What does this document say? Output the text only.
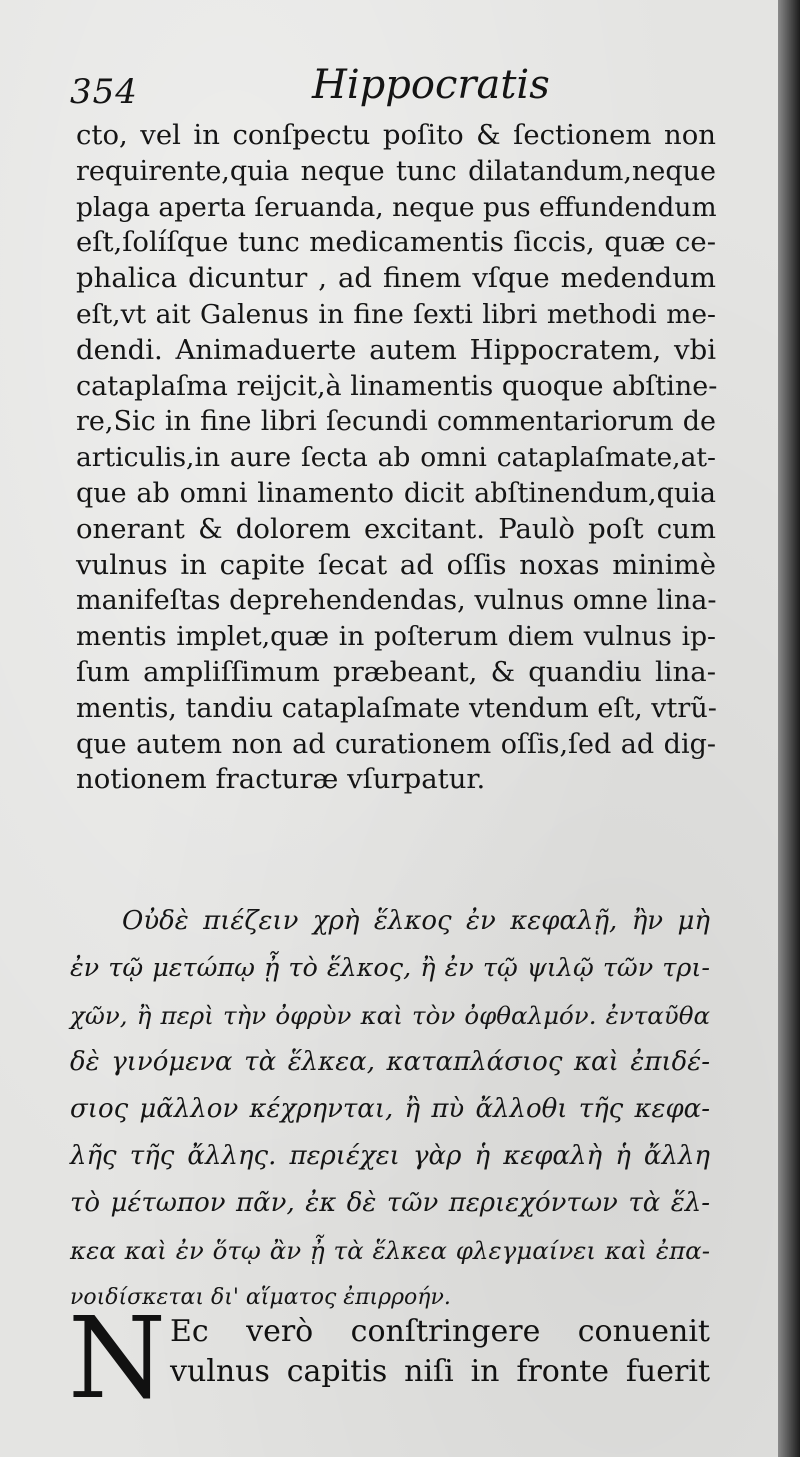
354	Hippocratis
cto, vel in conſpectu poſito & ſectionem non
requirente,quia neque tunc dilatandum,neque
plaga aperta ſeruanda, neque pus effundendum
eſt,ſolíſque tunc medicamentis ſiccis, quæ ce-
phalica dicuntur , ad finem vſque medendum
eſt,vt ait Galenus in fine ſexti libri methodi me-
dendi. Animaduerte autem Hippocratem, vbi
cataplaſma reijcit,à linamentis quoque abſtine-
re,Sic in fine libri ſecundi commentariorum de
articulis,in aure ſecta ab omni cataplaſmate,at-
que ab omni linamento dicit abſtinendum,quia
onerant & dolorem excitant. Paulò poſt cum
vulnus in capite ſecat ad oſſis noxas minimè
manifeſtas deprehendendas, vulnus omne lina-
mentis implet,quæ in poſterum diem vulnus ip-
ſum ampliſſimum præbeant, & quandiu lina-
mentis, tandiu cataplaſmate vtendum eſt, vtrũ-
que autem non ad curationem oſſis,ſed ad dig-
notionem fracturæ vſurpatur.
Οὐδὲ πιέζειν χρὴ ἕλκος ἐν κεφαλῇ, ἢν μὴ
ἐν τῷ μετώπῳ ᾖ τὸ ἕλκος, ἢ ἐν τῷ ψιλῷ τῶν τρι-
χῶν, ἢ περὶ τὴν ὀφρὺν καὶ τὸν ὀφθαλμόν. ἐνταῦθα
δὲ γινόμενα τὰ ἕλκεα, καταπλάσιος καὶ ἐπιδέ-
σιος μᾶλλον κέχρηνται, ἢ πὺ ἄλλοθι τῆς κεφα-
λῆς τῆς ἄλλης. περιέχει γὰρ ἡ κεφαλὴ ἡ ἄλλη
τὸ μέτωπον πᾶν, ἐκ δὲ τῶν περιεχόντων τὰ ἕλ-
κεα καὶ ἐν ὅτῳ ἂν ᾖ τὰ ἕλκεα φλεγμαίνει καὶ ἐπα-
νοιδίσκεται δι' αἵματος ἐπιρροήν.
N Ec verò conſtringere conuenit
vulnus capitis niſi in fronte fuerit
